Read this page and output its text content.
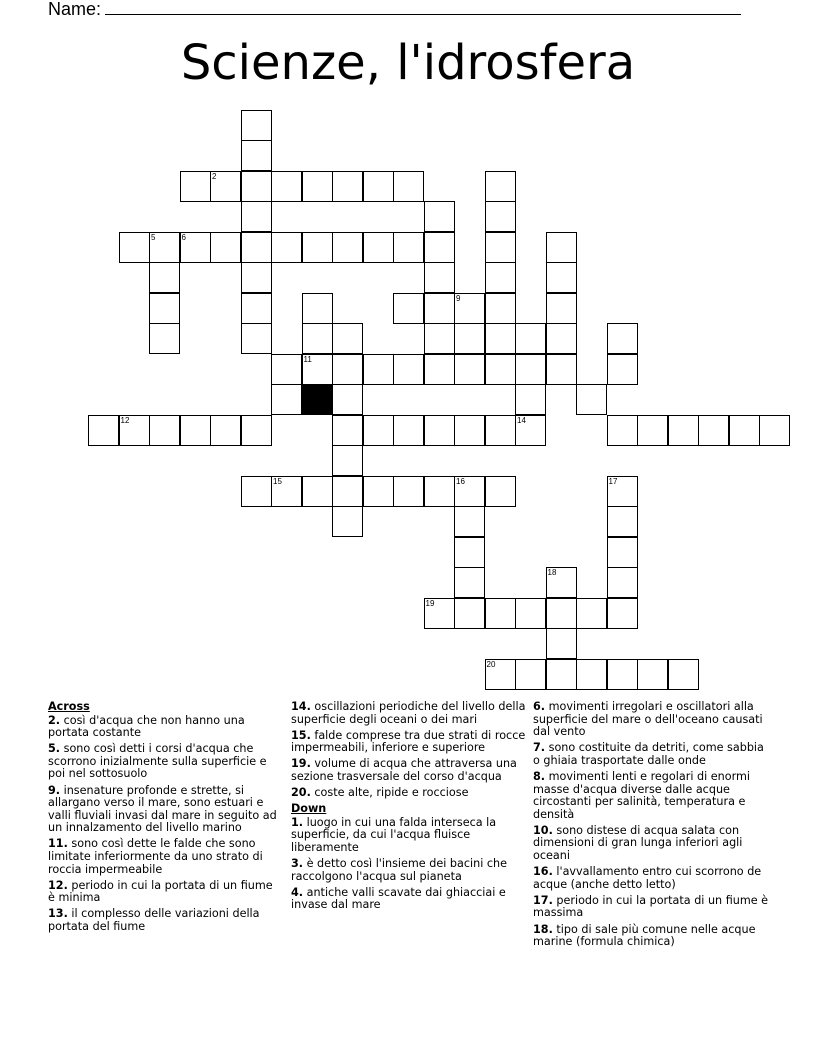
Name:
Scienze, l'idrosfera
2
5	6
9
11
12	14
15	16	17
18
19
20
Across
2. così d'acqua che non hanno una portata costante
5. sono così detti i corsi d'acqua che scorrono inizialmente sulla superficie e poi nel sottosuolo
9. insenature profonde e strette, si allargano verso il mare, sono estuari e valli fluviali invasi dal mare in seguito ad un innalzamento del livello marino
11. sono così dette le falde che sono limitate inferiormente da uno strato di roccia impermeabile
12. periodo in cui la portata di un fiume è minima
13. il complesso delle variazioni della portata del fiume
14. oscillazioni periodiche del livello della superficie degli oceani o dei mari
15. falde comprese tra due strati di rocce impermeabili, inferiore e superiore
19. volume di acqua che attraversa una sezione trasversale del corso d'acqua
20. coste alte, ripide e rocciose
Down
1. luogo in cui una falda interseca la superficie, da cui l'acqua fluisce liberamente
3. è detto così l'insieme dei bacini che raccolgono l'acqua sul pianeta
4. antiche valli scavate dai ghiacciai e invase dal mare
6. movimenti irregolari e oscillatori alla superficie del mare o dell'oceano causati dal vento
7. sono costituite da detriti, come sabbia o ghiaia trasportate dalle onde
8. movimenti lenti e regolari di enormi masse d'acqua diverse dalle acque circostanti per salinità, temperatura e densità
10. sono distese di acqua salata con dimensioni di gran lunga inferiori agli oceani
16. l'avvallamento entro cui scorrono de acque (anche detto letto)
17. periodo in cui la portata di un fiume è massima
18. tipo di sale più comune nelle acque marine (formula chimica)
